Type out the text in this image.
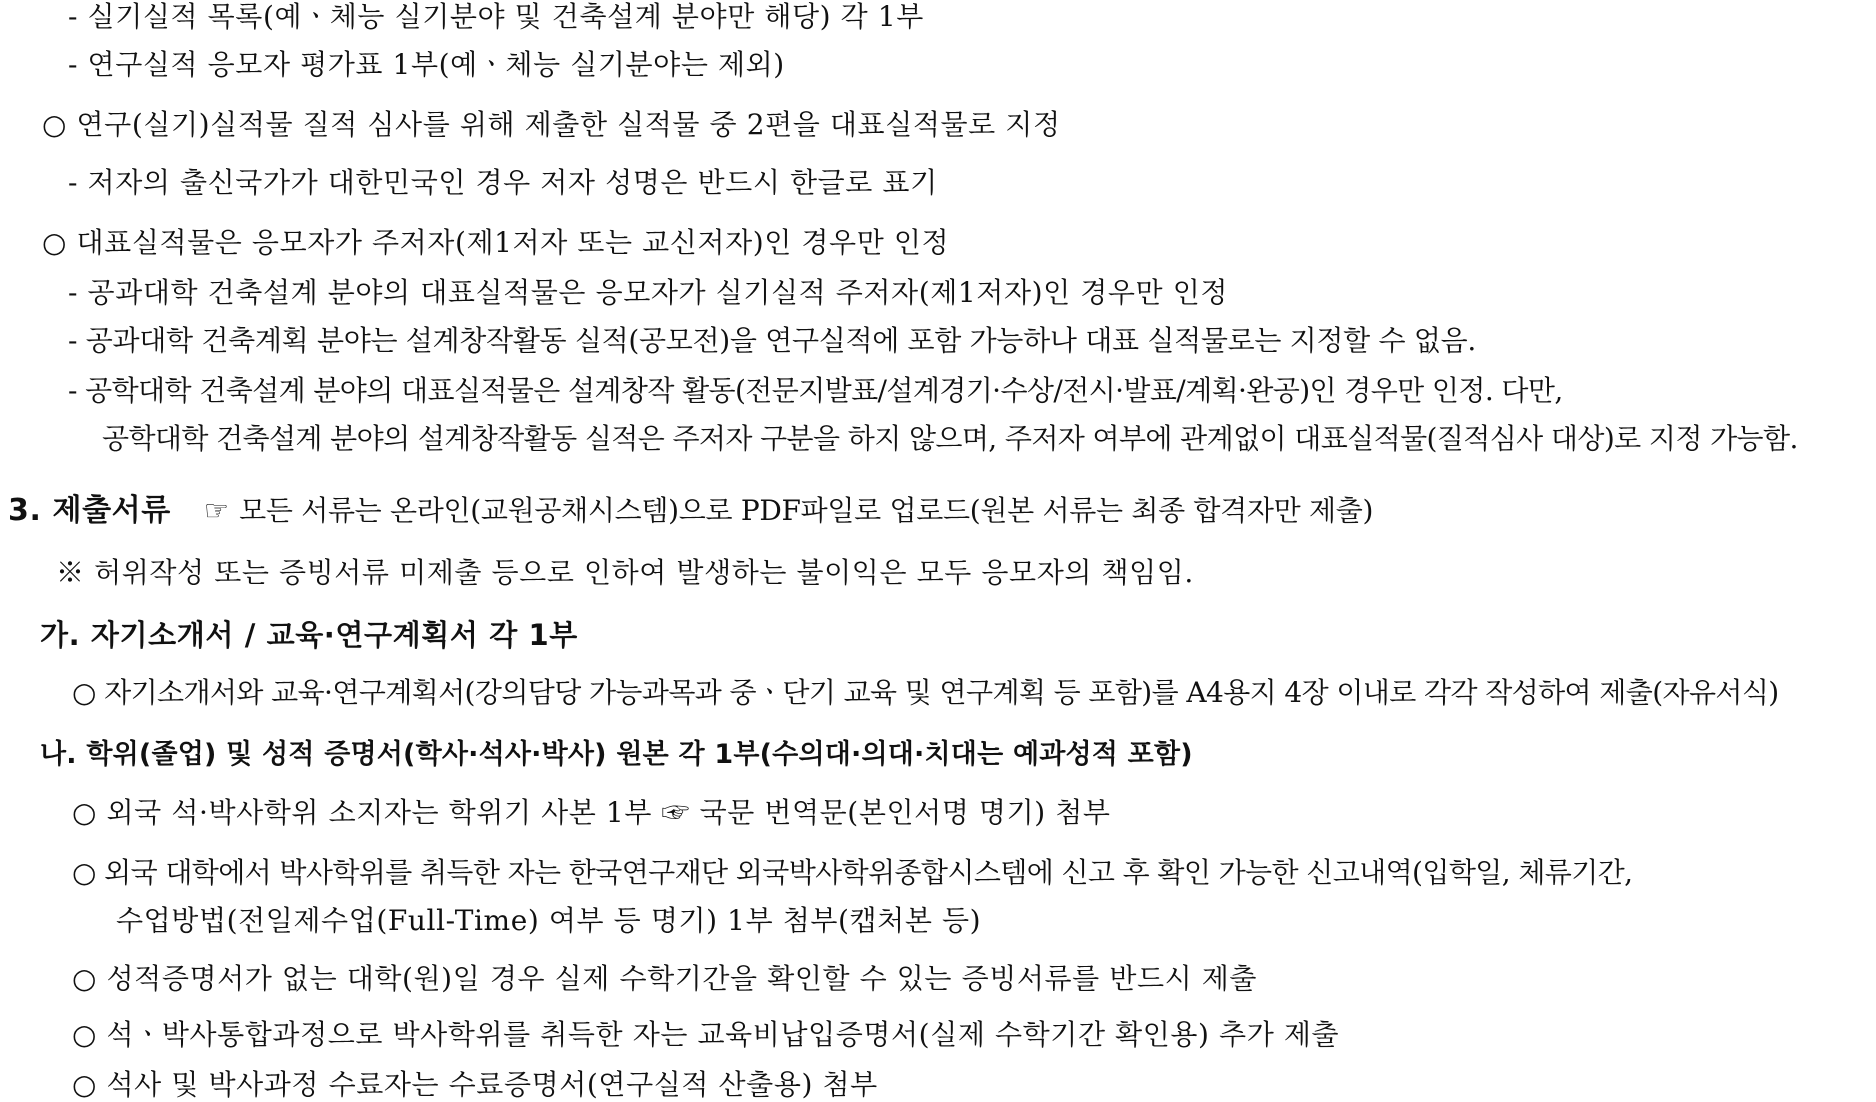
- 실기실적 목록(예ㆍ체능 실기분야 및 건축설계 분야만 해당) 각 1부
- 연구실적 응모자 평가표 1부(예ㆍ체능 실기분야는 제외)
○ 연구(실기)실적물 질적 심사를 위해 제출한 실적물 중 2편을 대표실적물로 지정
- 저자의 출신국가가 대한민국인 경우 저자 성명은 반드시 한글로 표기
○ 대표실적물은 응모자가 주저자(제1저자 또는 교신저자)인 경우만 인정
- 공과대학 건축설계 분야의 대표실적물은 응모자가 실기실적 주저자(제1저자)인 경우만 인정
- 공과대학 건축계획 분야는 설계창작활동 실적(공모전)을 연구실적에 포함 가능하나 대표 실적물로는 지정할 수 없음.
- 공학대학 건축설계 분야의 대표실적물은 설계창작 활동(전문지발표/설계경기·수상/전시·발표/계획·완공)인 경우만 인정. 다만,
공학대학 건축설계 분야의 설계창작활동 실적은 주저자 구분을 하지 않으며, 주저자 여부에 관계없이 대표실적물(질적심사 대상)로 지정 가능함.
3. 제출서류 ☞ 모든 서류는 온라인(교원공채시스템)으로 PDF파일로 업로드(원본 서류는 최종 합격자만 제출)
※ 허위작성 또는 증빙서류 미제출 등으로 인하여 발생하는 불이익은 모두 응모자의 책임임.
가. 자기소개서 / 교육·연구계획서 각 1부
○ 자기소개서와 교육·연구계획서(강의담당 가능과목과 중ㆍ단기 교육 및 연구계획 등 포함)를 A4용지 4장 이내로 각각 작성하여 제출(자유서식)
나. 학위(졸업) 및 성적 증명서(학사·석사·박사) 원본 각 1부(수의대·의대·치대는 예과성적 포함)
○ 외국 석·박사학위 소지자는 학위기 사본 1부 ☞ 국문 번역문(본인서명 명기) 첨부
○ 외국 대학에서 박사학위를 취득한 자는 한국연구재단 외국박사학위종합시스템에 신고 후 확인 가능한 신고내역(입학일, 체류기간,
수업방법(전일제수업(Full-Time) 여부 등 명기) 1부 첨부(캡처본 등)
○ 성적증명서가 없는 대학(원)일 경우 실제 수학기간을 확인할 수 있는 증빙서류를 반드시 제출
○ 석ㆍ박사통합과정으로 박사학위를 취득한 자는 교육비납입증명서(실제 수학기간 확인용) 추가 제출
○ 석사 및 박사과정 수료자는 수료증명서(연구실적 산출용) 첨부
